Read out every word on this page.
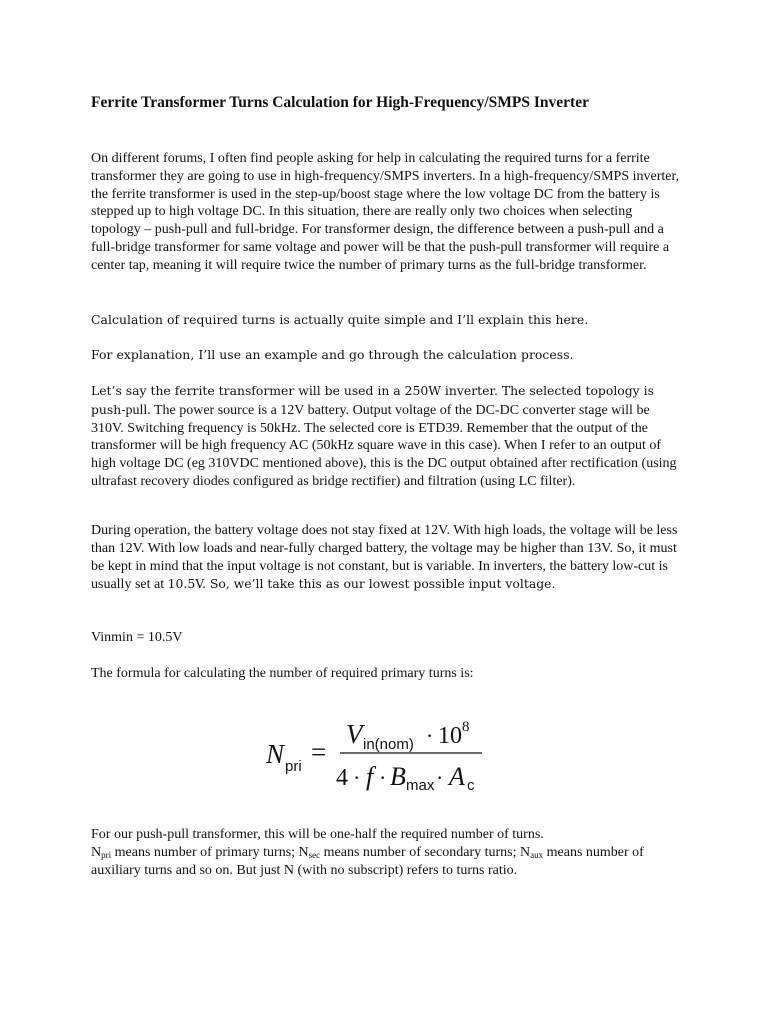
Ferrite Transformer Turns Calculation for High-Frequency/SMPS Inverter

On different forums, I often find people asking for help in calculating the required turns for a ferrite transformer they are going to use in high-frequency/SMPS inverters. In a high-frequency/SMPS inverter, the ferrite transformer is used in the step-up/boost stage where the low voltage DC from the battery is stepped up to high voltage DC. In this situation, there are really only two choices when selecting topology – push-pull and full-bridge. For transformer design, the difference between a push-pull and a full-bridge transformer for same voltage and power will be that the push-pull transformer will require a center tap, meaning it will require twice the number of primary turns as the full-bridge transformer.

Calculation of required turns is actually quite simple and I’ll explain this here.

For explanation, I’ll use an example and go through the calculation process.

Let’s say the ferrite transformer will be used in a 250W inverter. The selected topology is push-pull. The power source is a 12V battery. Output voltage of the DC-DC converter stage will be 310V. Switching frequency is 50kHz. The selected core is ETD39. Remember that the output of the transformer will be high frequency AC (50kHz square wave in this case). When I refer to an output of high voltage DC (eg 310VDC mentioned above), this is the DC output obtained after rectification (using ultrafast recovery diodes configured as bridge rectifier) and filtration (using LC filter).

During operation, the battery voltage does not stay fixed at 12V. With high loads, the voltage will be less than 12V. With low loads and near-fully charged battery, the voltage may be higher than 13V. So, it must be kept in mind that the input voltage is not constant, but is variable. In inverters, the battery low-cut is usually set at 10.5V. So, we’ll take this as our lowest possible input voltage.

Vinmin = 10.5V

The formula for calculating the number of required primary turns is:

N pri =
V in(nom) · 10 8
4 · f · B max · A c

For our push-pull transformer, this will be one-half the required number of turns.

$N_{pri}$ means number of primary turns; $N_{sec}$ means number of secondary turns; $N_{aux}$ means number of auxiliary turns and so on. But just N (with no subscript) refers to turns ratio.
